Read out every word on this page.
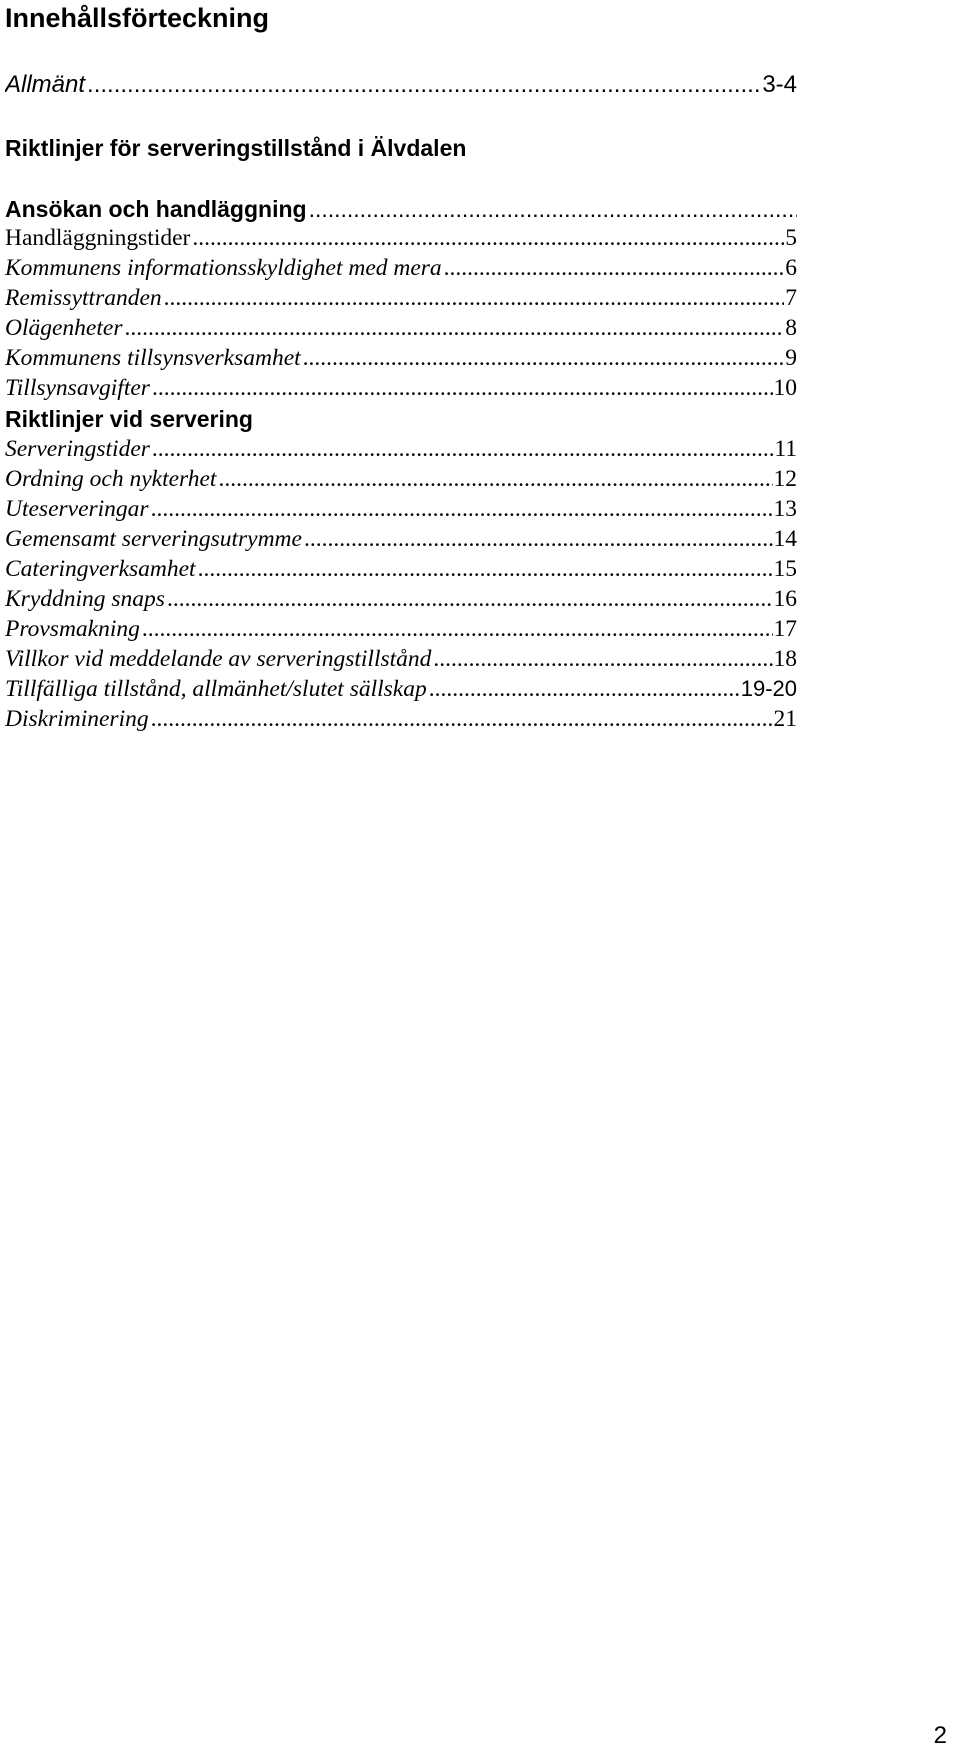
Innehållsförteckning
Allmänt .....	3-4
Riktlinjer för serveringstillstånd i Älvdalen
Ansökan och handläggning
.....
Handläggningstider .....	5
Kommunens informationsskyldighet med mera .....	6
Remissyttranden .....	7
Olägenheter .....	8
Kommunens tillsynsverksamhet .....	9
Tillsynsavgifter .....	10
Riktlinjer vid servering
Serveringstider .....	11
Ordning och nykterhet .....	12
Uteserveringar .....	13
Gemensamt serveringsutrymme .....	14
Cateringverksamhet .....	15
Kryddning snaps .....	16
Provsmakning .....	17
Villkor vid meddelande av serveringstillstånd .....	18
Tillfälliga tillstånd, allmänhet/slutet sällskap .....	19-20
Diskriminering .....	21
2
